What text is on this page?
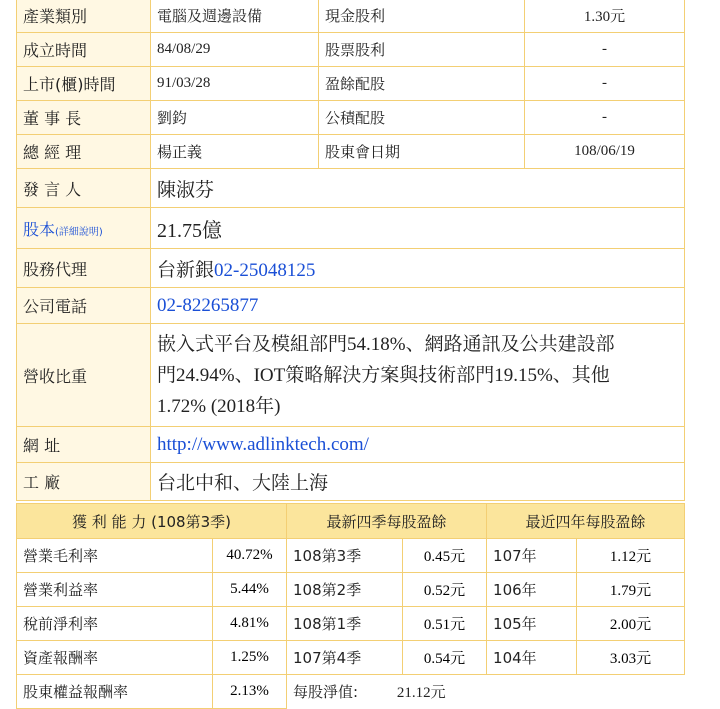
產業類別	電腦及週邊設備	現金股利	1.30元
成立時間	84/08/29	股票股利	-
上市(櫃)時間	91/03/28	盈餘配股	-
董 事 長	劉鈞	公積配股	-
總 經 理	楊正義	股東會日期	108/06/19
發 言 人	陳淑芬		
股本(詳細說明)	21.75億		
股務代理	台新銀02-25048125		
公司電話	02-82265877		
營收比重	嵌入式平台及模組部門54.18%、網路通訊及公共建設部
門24.94%、IOT策略解決方案與技術部門19.15%、其他
1.72% (2018年)		

網 址	http://www.adlinktech.com/		
工 廠	台北中和、大陸上海		
獲 利 能 力 (108第3季)		最新四季每股盈餘		最近四年每股盈餘	
營業毛利率	40.72%	108第3季	0.45元	107年	1.12元
營業利益率	5.44%	108第2季	0.52元	106年	1.79元
稅前淨利率	4.81%	108第1季	0.51元	105年	2.00元
資產報酬率	1.25%	107第4季	0.54元	104年	3.03元
股東權益報酬率	2.13%	每股淨值: 21.12元			
